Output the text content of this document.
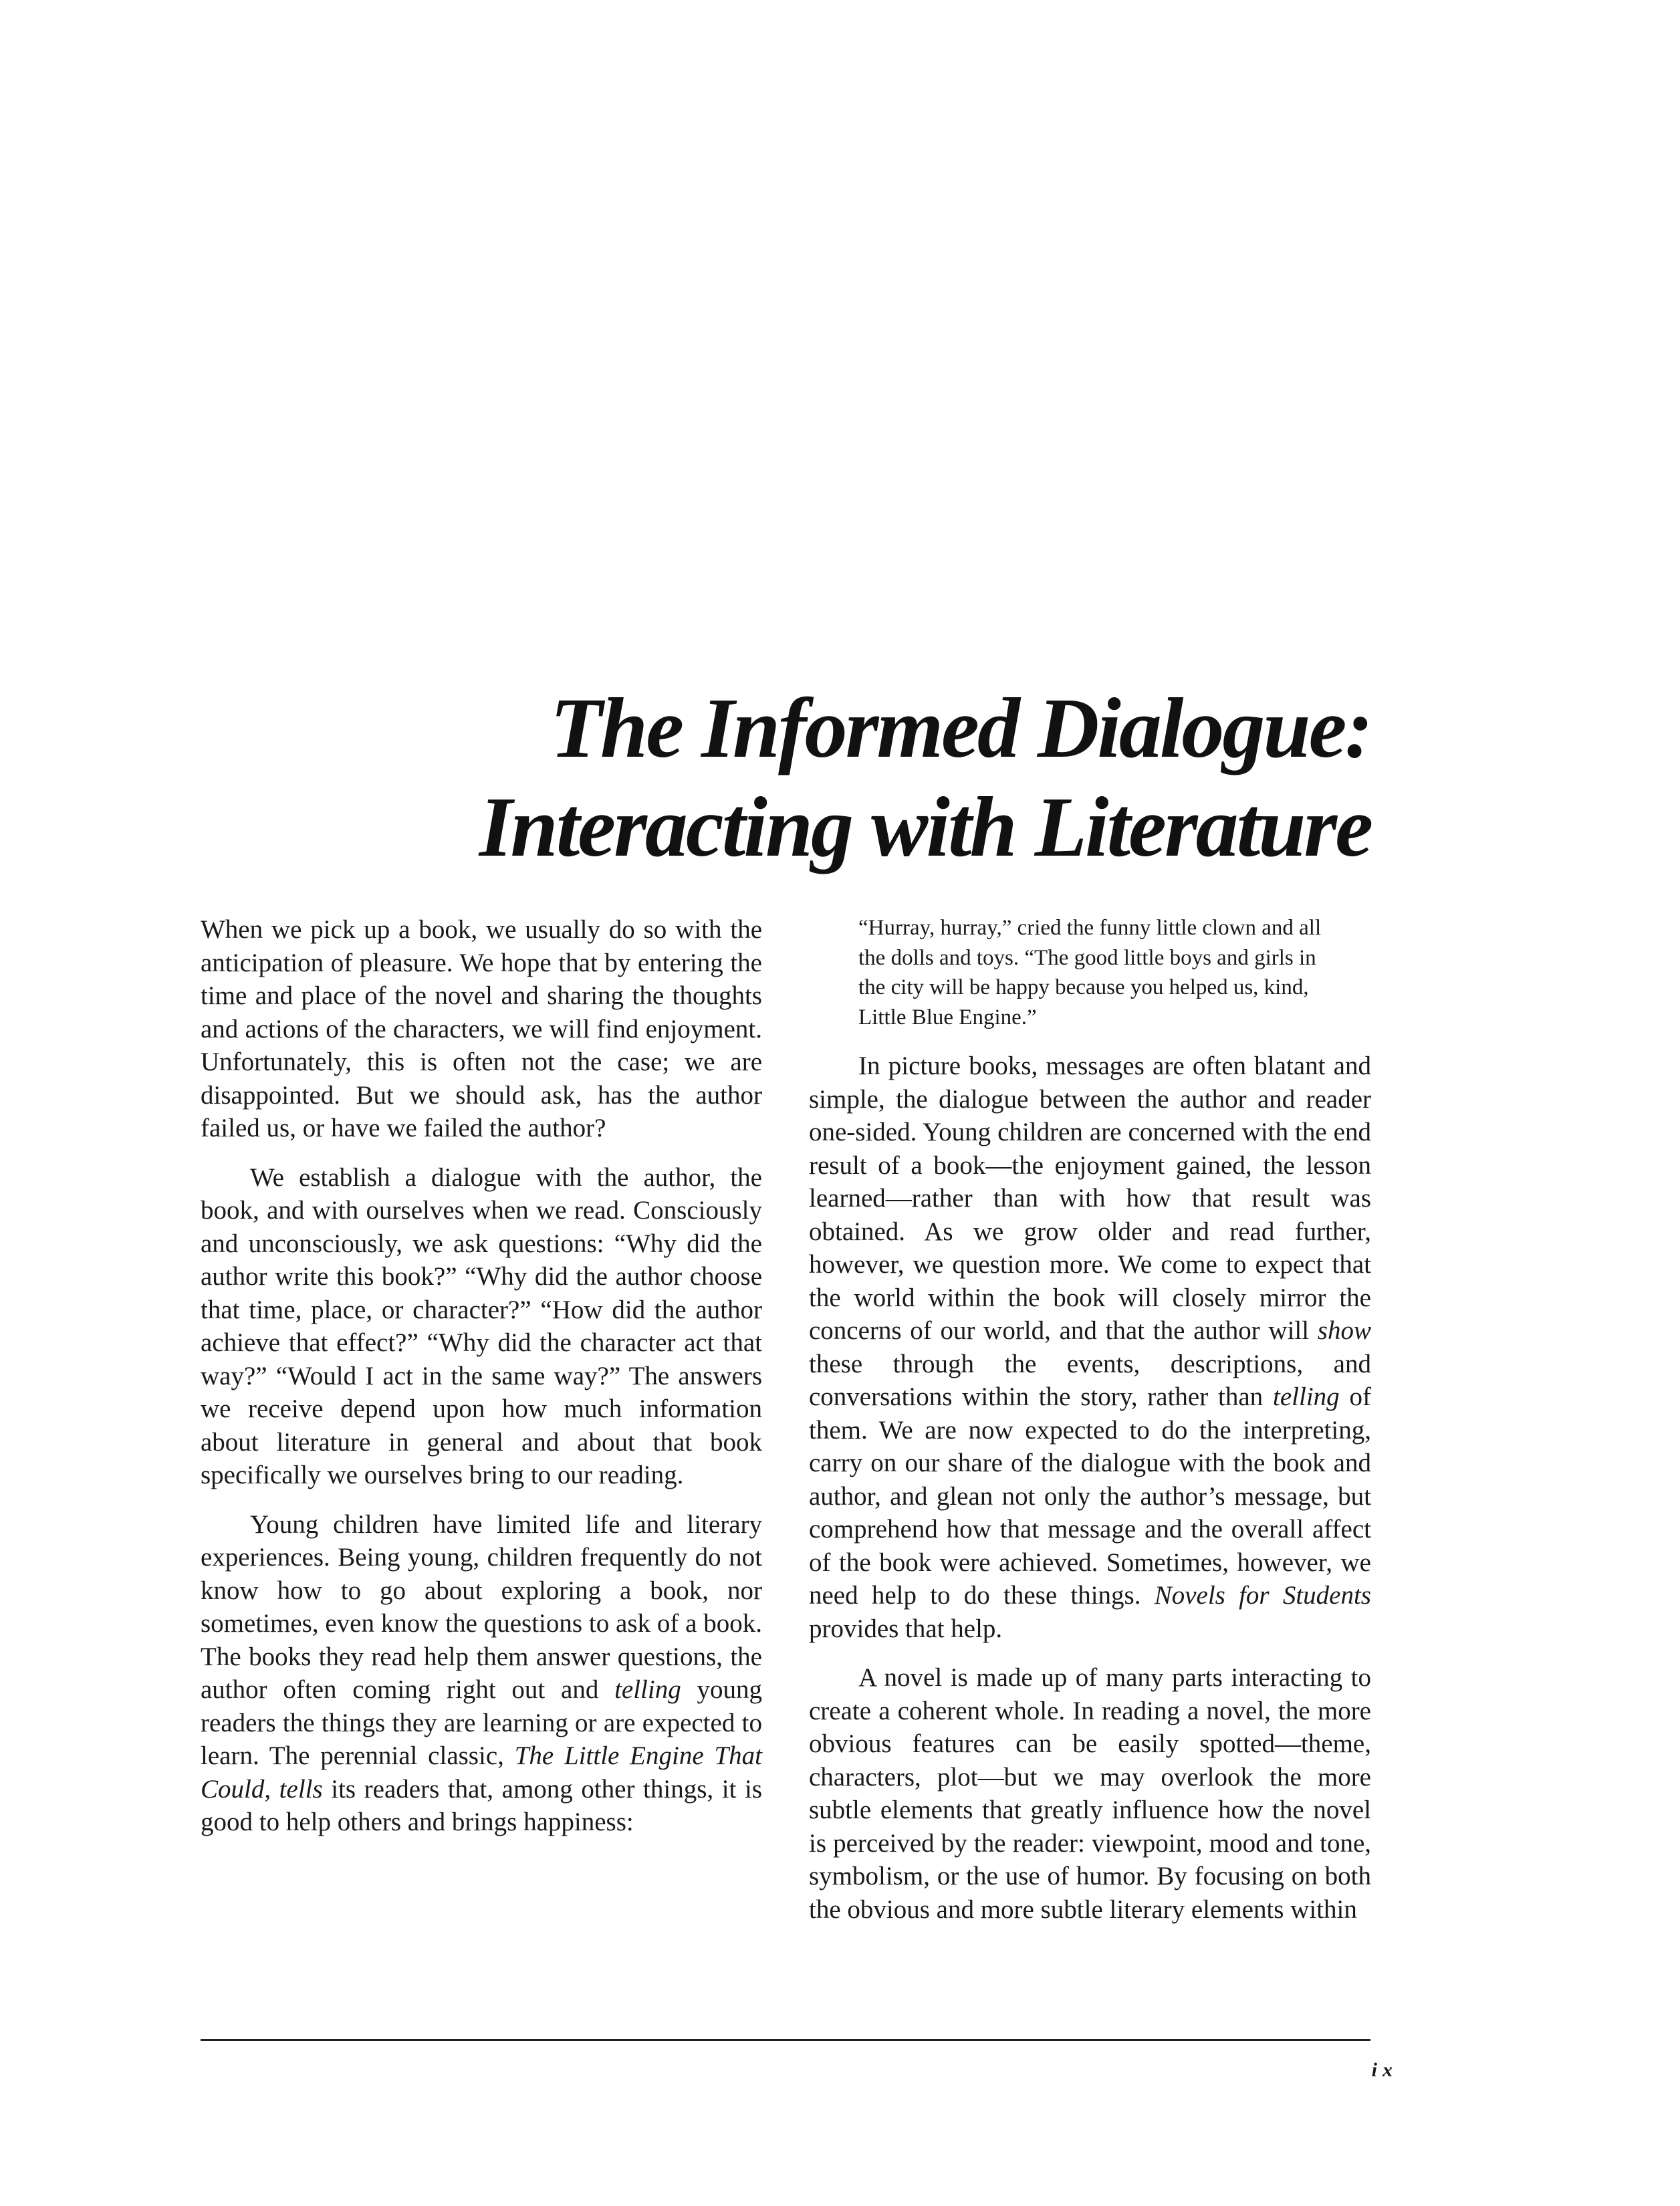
The Informed Dialogue:
Interacting with Literature

When we pick up a book, we usually do so with the anticipation of pleasure. We hope that by entering the time and place of the novel and sharing the thoughts and actions of the characters, we will find enjoyment. Unfortunately, this is often not the case; we are disappointed. But we should ask, has the author failed us, or have we failed the author?

We establish a dialogue with the author, the book, and with ourselves when we read. Consciously and unconsciously, we ask questions: “Why did the author write this book?” “Why did the author choose that time, place, or character?” “How did the author achieve that effect?” “Why did the character act that way?” “Would I act in the same way?” The answers we receive depend upon how much information about literature in general and about that book specifically we ourselves bring to our reading.

Young children have limited life and literary experiences. Being young, children frequently do not know how to go about exploring a book, nor sometimes, even know the questions to ask of a book. The books they read help them answer questions, the author often coming right out and telling young readers the things they are learning or are expected to learn. The perennial classic, The Little Engine That Could, tells its readers that, among other things, it is good to help others and brings happiness:

“Hurray, hurray,” cried the funny little clown and all the dolls and toys. “The good little boys and girls in the city will be happy because you helped us, kind, Little Blue Engine.”

In picture books, messages are often blatant and simple, the dialogue between the author and reader one-sided. Young children are concerned with the end result of a book—the enjoyment gained, the lesson learned—rather than with how that result was obtained. As we grow older and read further, however, we question more. We come to expect that the world within the book will closely mirror the concerns of our world, and that the author will show these through the events, descriptions, and conversations within the story, rather than telling of them. We are now expected to do the interpreting, carry on our share of the dialogue with the book and author, and glean not only the author’s message, but comprehend how that message and the overall affect of the book were achieved. Sometimes, however, we need help to do these things. Novels for Students provides that help.

A novel is made up of many parts interacting to create a coherent whole. In reading a novel, the more obvious features can be easily spotted—theme, characters, plot—but we may overlook the more subtle elements that greatly influence how the novel is perceived by the reader: viewpoint, mood and tone, symbolism, or the use of humor. By focusing on both the obvious and more subtle literary elements within

ix
